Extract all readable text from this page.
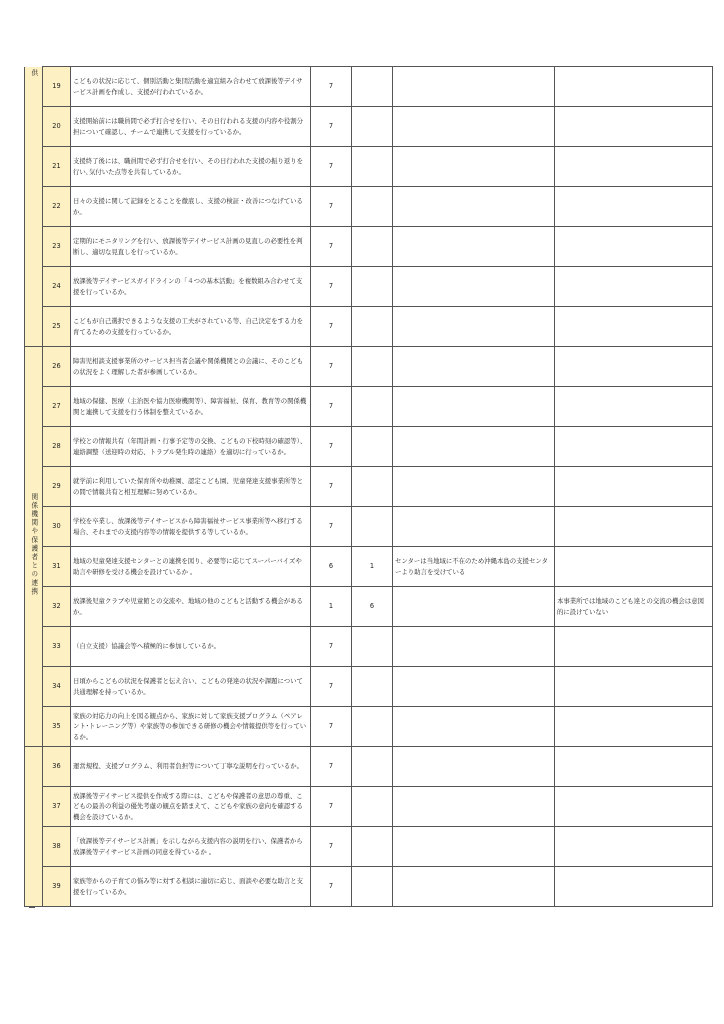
供	19	こどもの状況に応じて、個別活動と集団活動を適宜組み合わせて放課後等デイサービス計画を作成し、支援が行われているか。	7			
	20	支援開始前には職員間で必ず打合せを行い、その日行われる支援の内容や役割分担について確認し、チームで連携して支援を行っているか。	7			
	21	支援終了後には、職員間で必ず打合せを行い、その日行われた支援の振り返りを行い､気付いた点等を共有しているか。	7			
	22	日々の支援に関して記録をとることを徹底し、支援の検証・改善につなげているか。	7			
	23	定期的にモニタリングを行い、放課後等デイサービス計画の見直しの必要性を判断し、適切な見直しを行っているか。	7			
	24	放課後等デイサービスガイドラインの「４つの基本活動」を複数組み合わせて支援を行っているか。	7			
	25	こどもが自己選択できるような支援の工夫がされている等、自己決定をする力を育てるための支援を行っているか。	7			
関係機関や保護者との連携	26	障害児相談支援事業所のサービス担当者会議や関係機関との会議に、そのこどもの状況をよく理解した者が参画しているか。	7			
	27	地域の保健、医療（主治医や協力医療機関等）、障害福祉、保育、教育等の関係機関と連携して支援を行う体制を整えているか。	7			
	28	学校との情報共有（年間計画・行事予定等の交換、こどもの下校時刻の確認等）、連絡調整（送迎時の対応、トラブル発生時の連絡）を適切に行っているか。	7			
	29	就学前に利用していた保育所や幼稚園、認定こども園、児童発達支援事業所等との間で情報共有と相互理解に努めているか。	7			
	30	学校を卒業し、放課後等デイサービスから障害福祉サービス事業所等へ移行する場合、それまでの支援内容等の情報を提供する等しているか。	7			
	31	地域の児童発達支援センターとの連携を図り、必要等に応じてスーパーバイズや助言や研修を受ける機会を設けているか 。	6	1	センターは当地域に不在のため沖縄本島の支援センターより助言を受けている	
	32	放課後児童クラブや児童館との交流や、地域の他のこどもと活動する機会があるか。	1	6		本事業所では地域のこども達との交流の機会は意図的に設けていない
	33	（自立支援）協議会等へ積極的に参加しているか。	7			
	34	日頃からこどもの状況を保護者と伝え合い、こどもの発達の状況や課題について共通理解を持っているか。	7			
	35	家族の対応力の向上を図る観点から、家族に対して家族支援プログラム（ペアレント･トレーニング等）や家族等の参加できる研修の機会や情報提供等を行っているか。	7			
	36	運営規程、支援プログラム、利用者負担等について丁寧な説明を行っているか。	7			
	37	放課後等デイサービス提供を作成する際には、こどもや保護者の意思の尊重、こどもの最善の利益の優先考慮の観点を踏まえて、こどもや家族の意向を確認する機会を設けているか。	7			
	38	「放課後等デイサービス計画」を示しながら支援内容の説明を行い、保護者から放課後等デイサービス計画の同意を得ているか 。	7			
	39	家族等からの子育ての悩み等に対する相談に適切に応じ、面談や必要な助言と支援を行っているか。	7			
